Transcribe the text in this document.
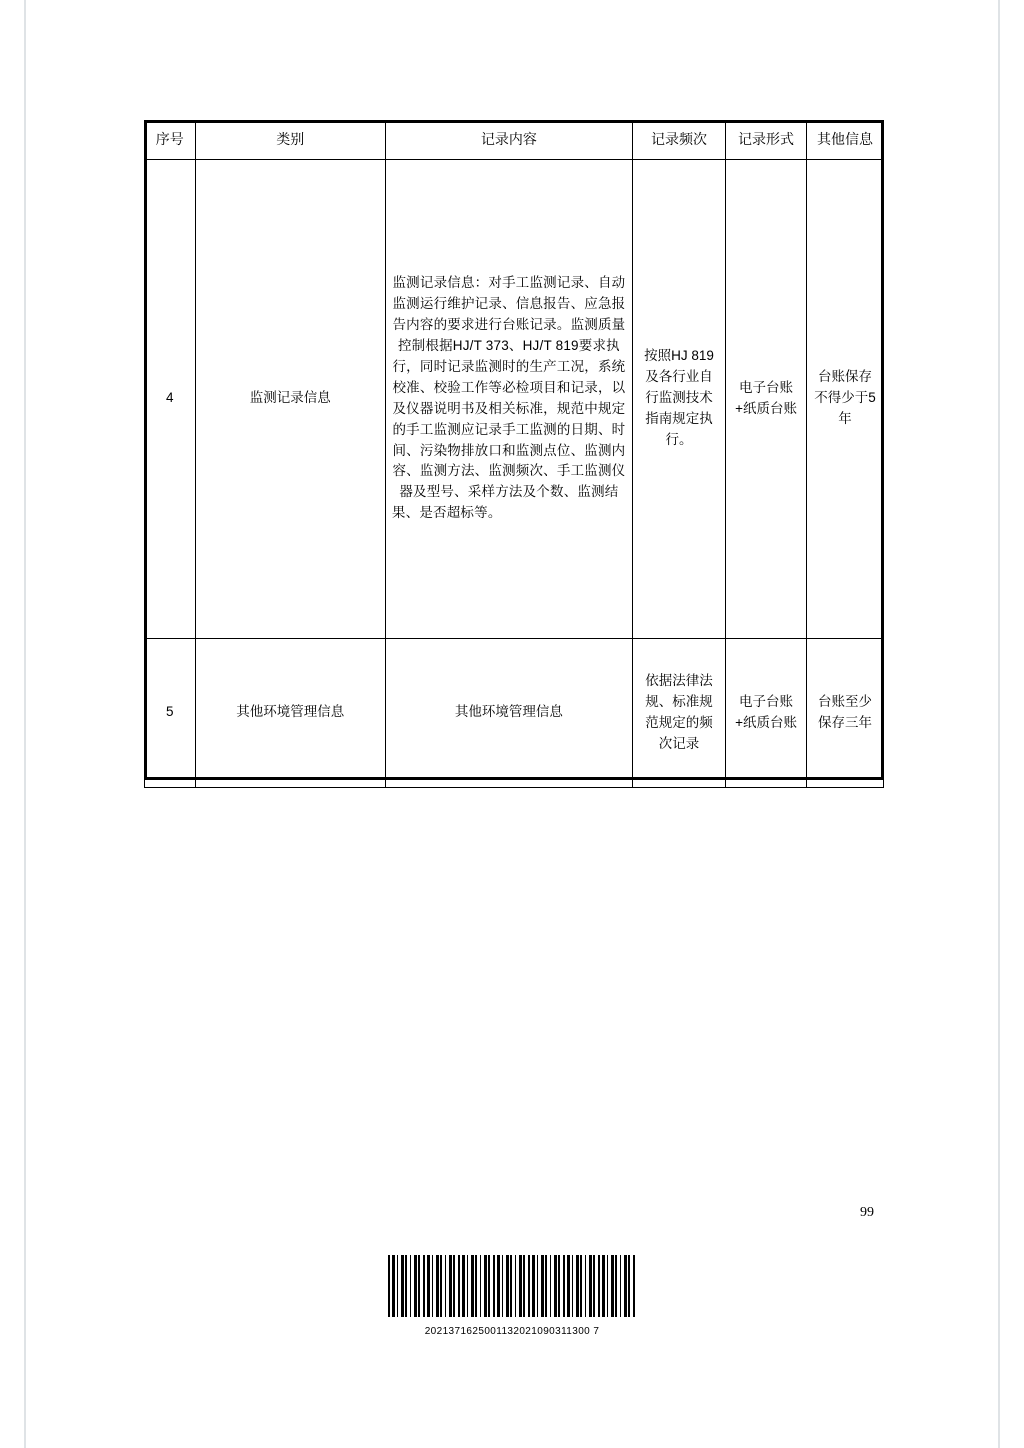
序号	类别	记录内容	记录频次	记录形式	其他信息
4	监测记录信息	监测记录信息：对手工监测记录、自动监测运行维护记录、信息报告、应急报告内容的要求进行台账记录。监测质量控制根据HJ/T 373、HJ/T 819要求执行，同时记录监测时的生产工况，系统校准、校验工作等必检项目和记录，以及仪器说明书及相关标准，规范中规定的手工监测应记录手工监测的日期、时间、污染物排放口和监测点位、监测内容、监测方法、监测频次、手工监测仪器及型号、采样方法及个数、监测结果、是否超标等。	按照HJ 819及各行业自行监测技术指南规定执行。	电子台账+纸质台账	台账保存不得少于5年
5	其他环境管理信息	其他环境管理信息	依据法律法规、标准规范规定的频次记录	电子台账+纸质台账	台账至少保存三年
99
2021371625001132021090311300 7
